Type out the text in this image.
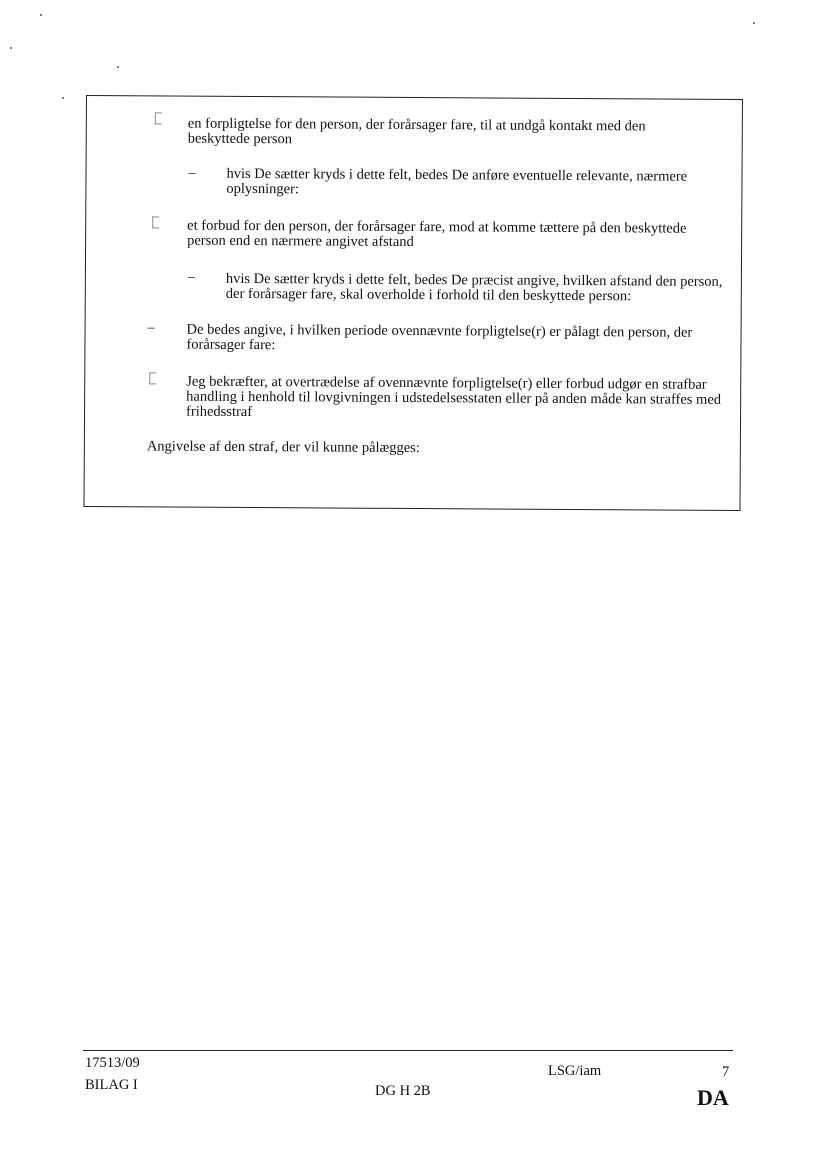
en forpligtelse for den person, der forårsager fare, til at undgå kontakt med den beskyttede person
– hvis De sætter kryds i dette felt, bedes De anføre eventuelle relevante, nærmere oplysninger:
et forbud for den person, der forårsager fare, mod at komme tættere på den beskyttede person end en nærmere angivet afstand
– hvis De sætter kryds i dette felt, bedes De præcist angive, hvilken afstand den person, der forårsager fare, skal overholde i forhold til den beskyttede person:
– De bedes angive, i hvilken periode ovennævnte forpligtelse(r) er pålagt den person, der forårsager fare:
Jeg bekræfter, at overtrædelse af ovennævnte forpligtelse(r) eller forbud udgør en strafbar handling i henhold til lovgivningen i udstedelsesstaten eller på anden måde kan straffes med frihedsstraf
Angivelse af den straf, der vil kunne pålægges:
17513/09
BILAG I	DG H 2B
LSG/iam	7
DA
